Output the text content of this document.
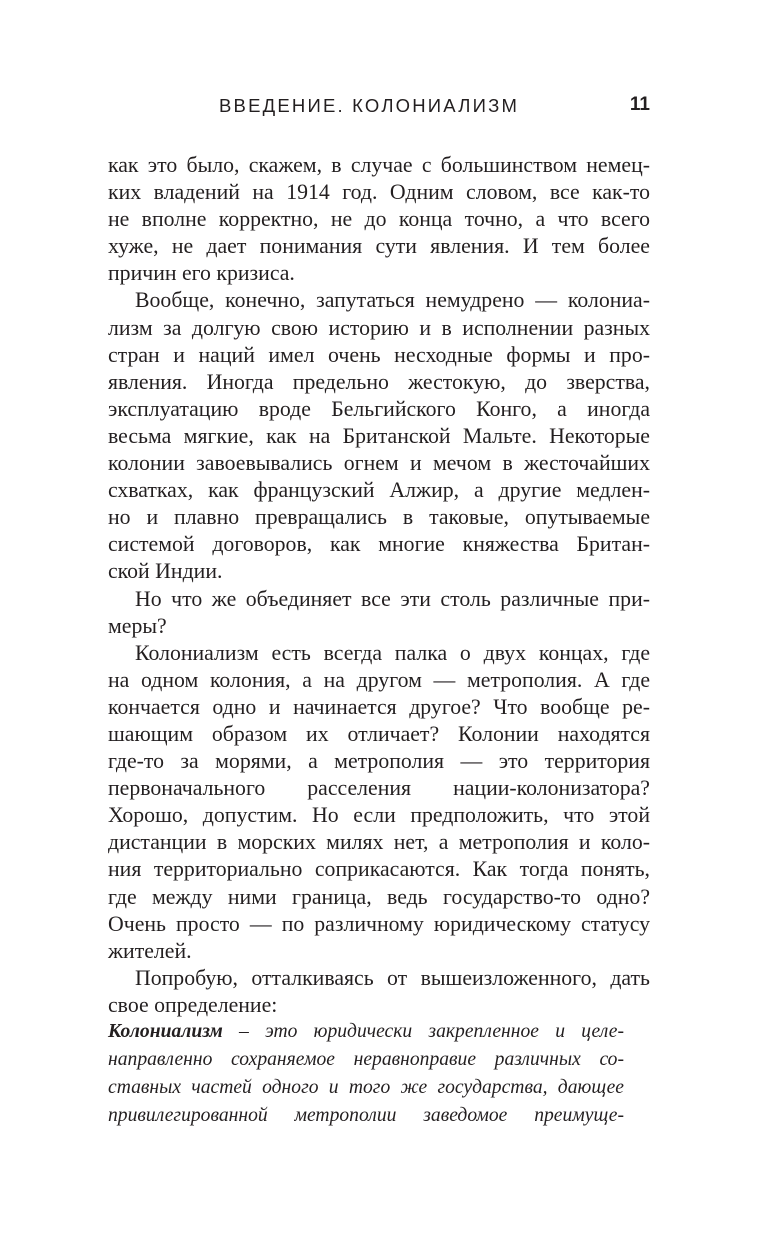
ВВЕДЕНИЕ. КОЛОНИАЛИЗМ	11
как это было, скажем, в случае с большинством немец-
ких владений на 1914 год. Одним словом, все как-то
не вполне корректно, не до конца точно, а что всего
хуже, не дает понимания сути явления. И тем более
причин его кризиса.
Вообще, конечно, запутаться немудрено — колониа-
лизм за долгую свою историю и в исполнении разных
стран и наций имел очень несходные формы и про-
явления. Иногда предельно жестокую, до зверства,
эксплуатацию вроде Бельгийского Конго, а иногда
весьма мягкие, как на Британской Мальте. Некоторые
колонии завоевывались огнем и мечом в жесточайших
схватках, как французский Алжир, а другие медлен-
но и плавно превращались в таковые, опутываемые
системой договоров, как многие княжества Британ-
ской Индии.
Но что же объединяет все эти столь различные при-
меры?
Колониализм есть всегда палка о двух концах, где
на одном колония, а на другом — метрополия. А где
кончается одно и начинается другое? Что вообще ре-
шающим образом их отличает? Колонии находятся
где-то за морями, а метрополия — это территория
первоначального расселения нации-колонизатора?
Хорошо, допустим. Но если предположить, что этой
дистанции в морских милях нет, а метрополия и коло-
ния территориально соприкасаются. Как тогда понять,
где между ними граница, ведь государство-то одно?
Очень просто — по различному юридическому статусу
жителей.
Попробую, отталкиваясь от вышеизложенного, дать
свое определение:
Колониализм – это юридически закрепленное и целе-
направленно сохраняемое неравноправие различных со-
ставных частей одного и того же государства, дающее
привилегированной метрополии заведомое преимуще-
